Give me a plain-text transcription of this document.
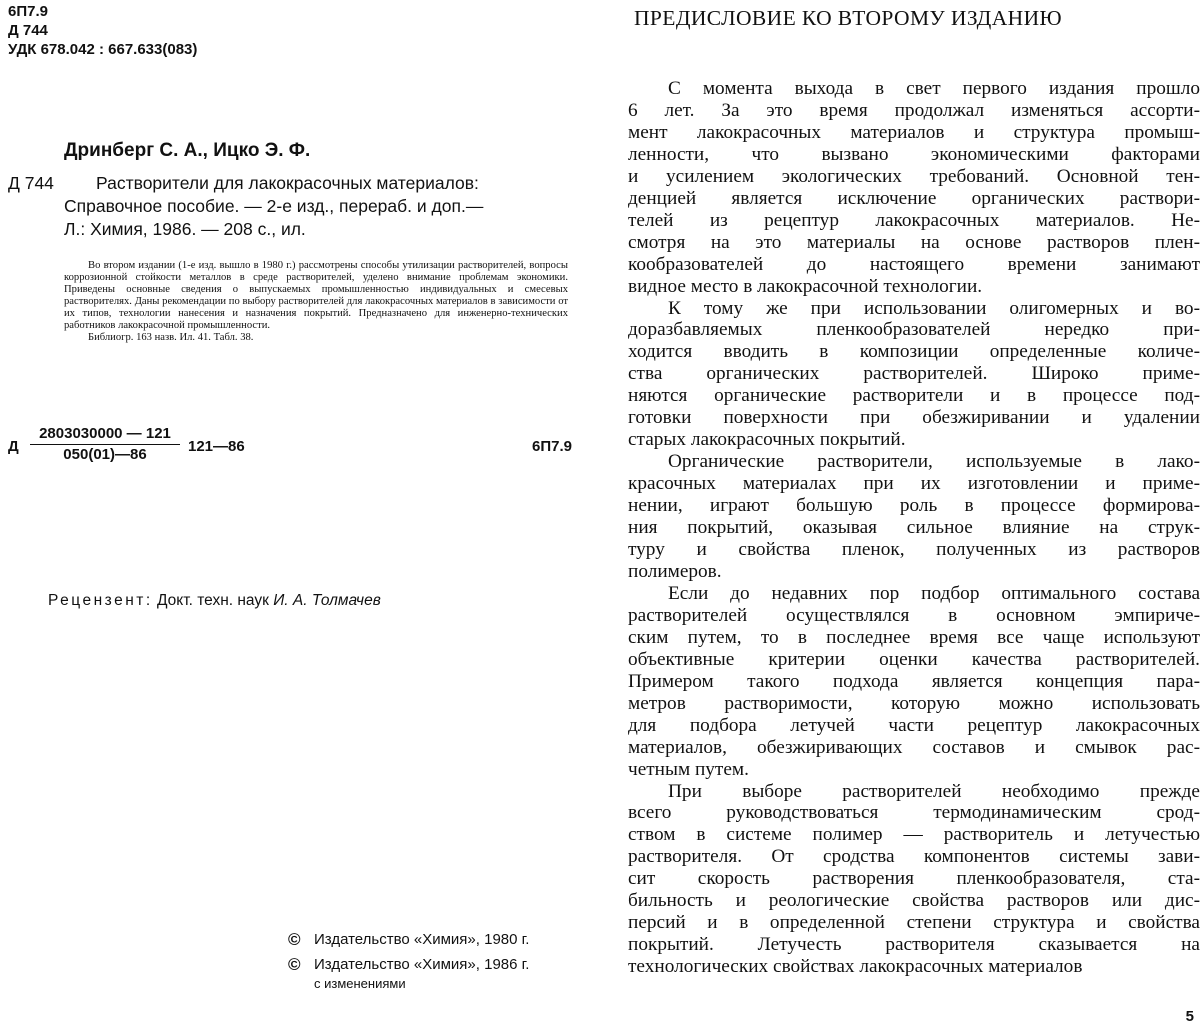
6П7.9
Д 744
УДК 678.042 : 667.633(083)
Дринберг С. А., Ицко Э. Ф.
Д 744 Растворители для лакокрасочных материалов:
Справочное пособие. — 2-е изд., перераб. и доп.—
Л.: Химия, 1986. — 208 с., ил.

Во втором издании (1-е изд. вышло в 1980 г.) рассмотрены способы утилизации растворителей, вопросы коррозионной стойкости металлов в среде растворителей, уделено внимание проблемам экономики. Приведены основные сведения о выпускаемых промышленностью индивидуальных и смесевых растворителях. Даны рекомендации по выбору растворителей для лакокрасочных материалов в зависимости от их типов, технологии нанесения и назначения покрытий. Предназначено для инженерно-технических работников лакокрасочной промышленности.

Библиогр. 163 назв. Ил. 41. Табл. 38.

Д $\frac{2803030000 — 121}{050(01)—86}$ 121—86	6П7.9
Рецензент: Докт. техн. наук И. А. Толмачев
© Издательство «Химия», 1980 г.
© Издательство «Химия», 1986 г.
с изменениями
ПРЕДИСЛОВИЕ КО ВТОРОМУ ИЗДАНИЮ
С момента выхода в свет первого издания прошло
6 лет. За это время продолжал изменяться ассорти-
мент лакокрасочных материалов и структура промыш-
ленности, что вызвано экономическими факторами
и усилением экологических требований. Основной тен-
денцией является исключение органических раствори-
телей из рецептур лакокрасочных материалов. Не-
смотря на это материалы на основе растворов плен-
кообразователей до настоящего времени занимают
видное место в лакокрасочной технологии.
К тому же при использовании олигомерных и во-
доразбавляемых пленкообразователей нередко при-
ходится вводить в композиции определенные количе-
ства органических растворителей. Широко приме-
няются органические растворители и в процессе под-
готовки поверхности при обезжиривании и удалении
старых лакокрасочных покрытий.
Органические растворители, используемые в лако-
красочных материалах при их изготовлении и приме-
нении, играют большую роль в процессе формирова-
ния покрытий, оказывая сильное влияние на струк-
туру и свойства пленок, полученных из растворов
полимеров.
Если до недавних пор подбор оптимального состава
растворителей осуществлялся в основном эмпириче-
ским путем, то в последнее время все чаще используют
объективные критерии оценки качества растворителей.
Примером такого подхода является концепция пара-
метров растворимости, которую можно использовать
для подбора летучей части рецептур лакокрасочных
материалов, обезжиривающих составов и смывок рас-
четным путем.
При выборе растворителей необходимо прежде
всего руководствоваться термодинамическим срод-
ством в системе полимер — растворитель и летучестью
растворителя. От сродства компонентов системы зави-
сит скорость растворения пленкообразователя, ста-
бильность и реологические свойства растворов или дис-
персий и в определенной степени структура и свойства
покрытий. Летучесть растворителя сказывается на
технологических свойствах лакокрасочных материалов
5
